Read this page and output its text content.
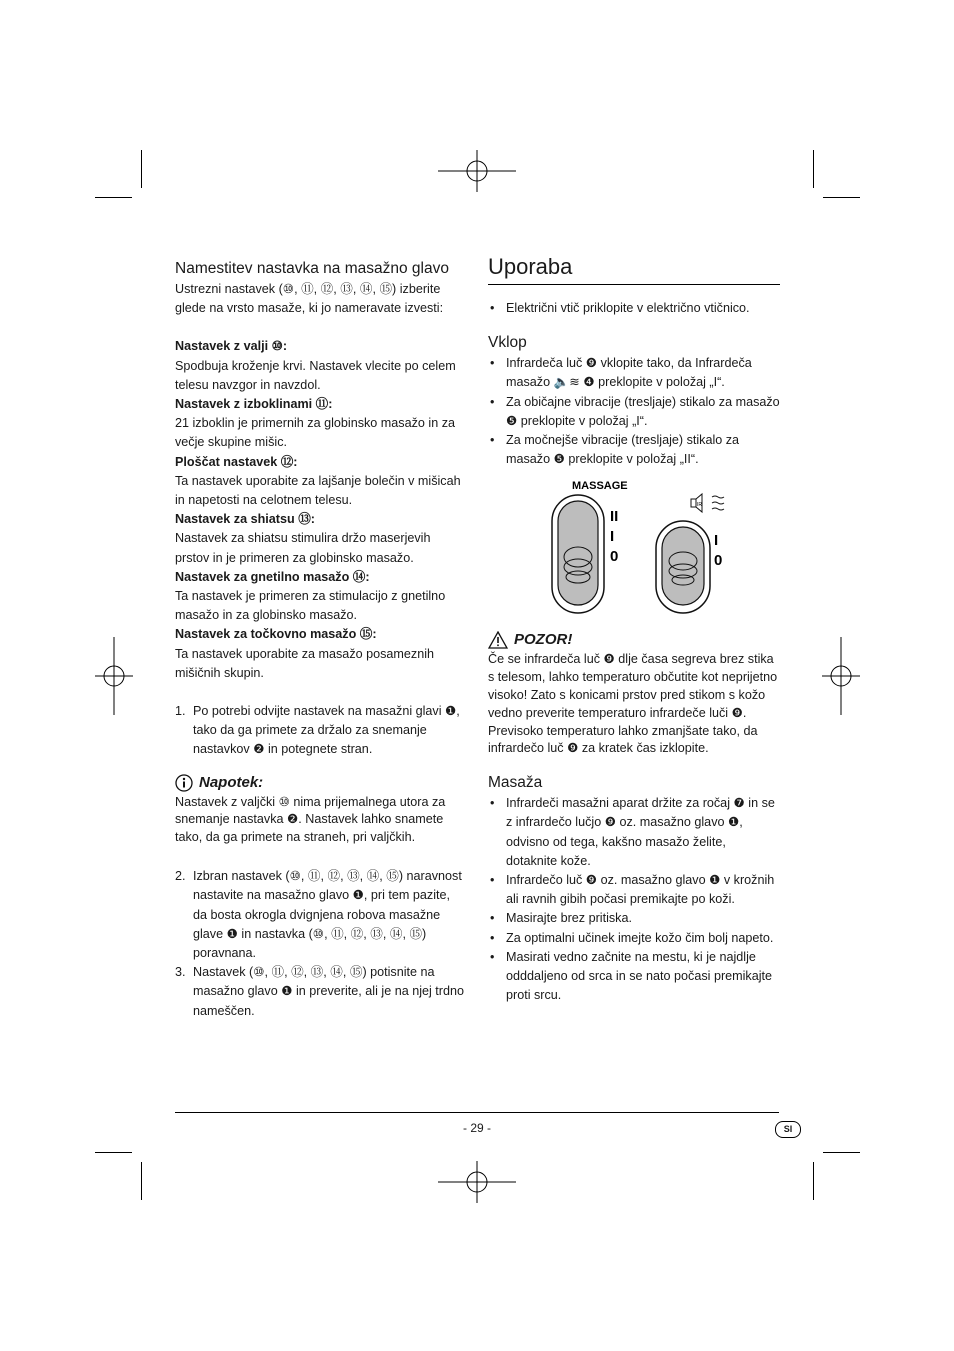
Namestitev nastavka na masažno glavo

Ustrezni nastavek (⑩, ⑪, ⑫, ⑬, ⑭, ⑮) izberite glede na vrsto masaže, ki jo nameravate izvesti:

Nastavek z valji ⑩:

Spodbuja kroženje krvi. Nastavek vlecite po celem telesu navzgor in navzdol.

Nastavek z izboklinami ⑪:

21 izboklin je primernih za globinsko masažo in za večje skupine mišic.

Ploščat nastavek ⑫:

Ta nastavek uporabite za lajšanje bolečin v mišicah in napetosti na celotnem telesu.

Nastavek za shiatsu ⑬:

Nastavek za shiatsu stimulira držo maserjevih prstov in je primeren za globinsko masažo.

Nastavek za gnetilno masažo ⑭:

Ta nastavek je primeren za stimulacijo z gnetilno masažo in za globinsko masažo.

Nastavek za točkovno masažo ⑮:

Ta nastavek uporabite za masažo posameznih mišičnih skupin.

1. Po potrebi odvijte nastavek na masažni glavi ❶, tako da ga primete za držalo za snemanje nastavkov ❷ in potegnete stran.
Napotek:

Nastavek z valjčki ⑩ nima prijemalnega utora za snemanje nastavka ❷. Nastavek lahko snamete tako, da ga primete na straneh, pri valjčkih.

2. Izbran nastavek (⑩, ⑪, ⑫, ⑬, ⑭, ⑮) naravnost nastavite na masažno glavo ❶, pri tem pazite, da bosta okrogla dvignjena robova masažne glave ❶ in nastavka (⑩, ⑪, ⑫, ⑬, ⑭, ⑮) poravnana.
3. Nastavek (⑩, ⑪, ⑫, ⑬, ⑭, ⑮) potisnite na masažno glavo ❶ in preverite, ali je na njej trdno nameščen.
Uporaba
• Električni vtič priklopite v električno vtičnico.
Vklop
• Infrardeča luč ❾ vklopite tako, da Infrardeča masažo 🔈≋ ❹ preklopite v položaj „I“.
• Za običajne vibracije (tresljaje) stikalo za masažo ❺ preklopite v položaj „I“.
• Za močnejše vibracije (tresljaje) stikalo za masažo ❺ preklopite v položaj „II“.
MASSAGE
II
I
0
I
0
IR
POZOR!

Če se infrardeča luč ❾ dlje časa segreva brez stika s telesom, lahko temperaturo občutite kot neprijetno visoko! Zato s konicami prstov pred stikom s kožo vedno preverite temperaturo infrardeče luči ❾. Previsoko temperaturo lahko zmanjšate tako, da infrardečo luč ❾ za kratek čas izklopite.

Masaža
• Infrardeči masažni aparat držite za ročaj ❼ in se z infrardečo lučjo ❾ oz. masažno glavo ❶, odvisno od tega, kakšno masažo želite, dotaknite kože.
• Infrardečo luč ❾ oz. masažno glavo ❶ v krožnih ali ravnih gibih počasi premikajte po koži.
• Masirajte brez pritiska.
• Za optimalni učinek imejte kožo čim bolj napeto.
• Masirati vedno začnite na mestu, ki je najdlje odddaljeno od srca in se nato počasi premikajte proti srcu.
- 29 -	SI
